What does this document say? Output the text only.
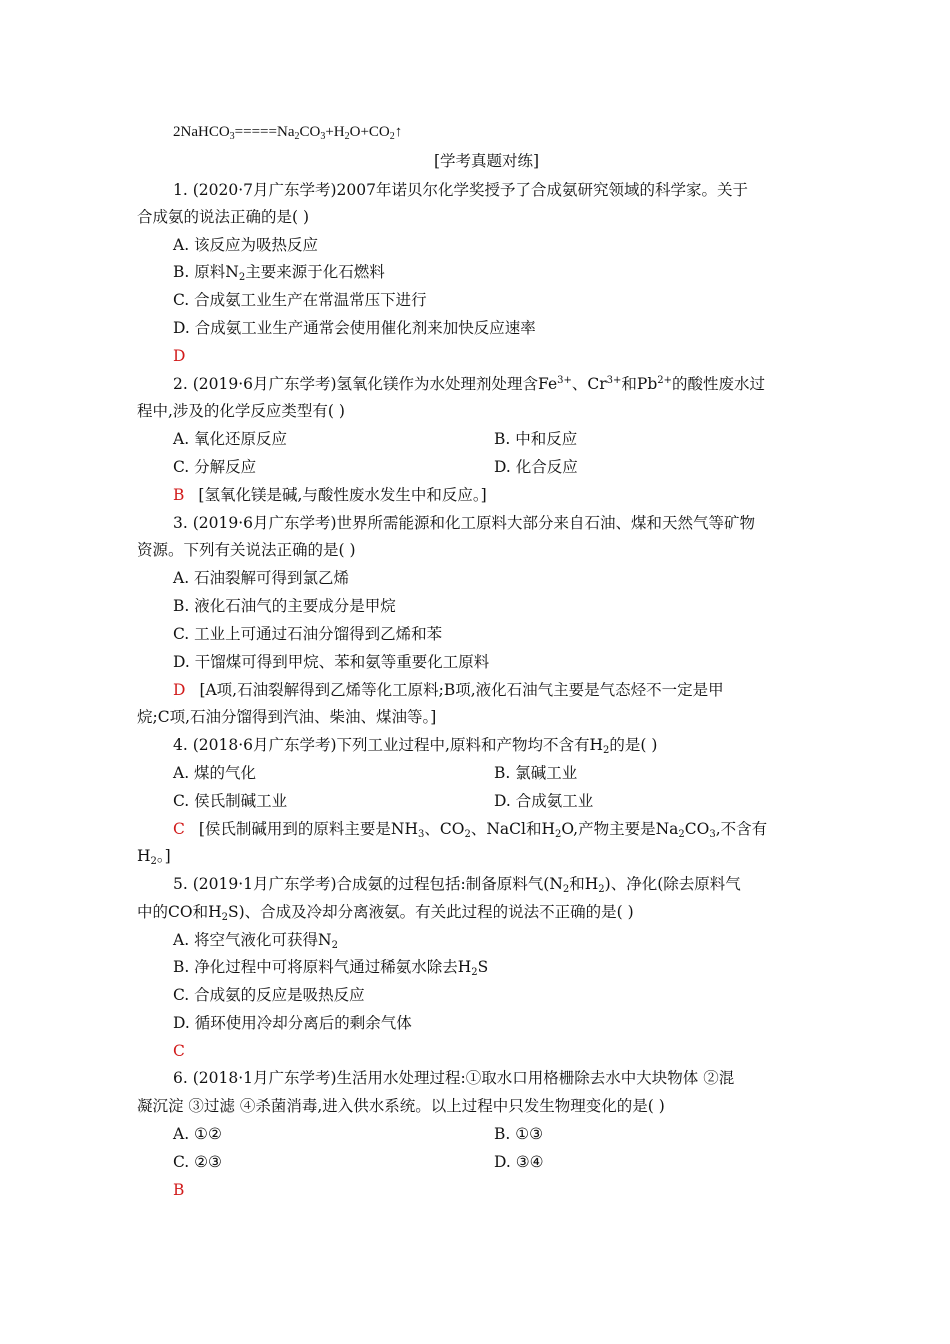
$2NaHCO_3=====Na_2CO_3+H_2O+CO_2↑$
[学考真题对练]
1. (2020·7月广东学考)2007年诺贝尔化学奖授予了合成氨研究领域的科学家。关于
合成氨的说法正确的是( )
A. 该反应为吸热反应
B. 原料$N_2$主要来源于化石燃料
C. 合成氨工业生产在常温常压下进行
D. 合成氨工业生产通常会使用催化剂来加快反应速率
D
2. (2019·6月广东学考)氢氧化镁作为水处理剂处理含$Fe^{3+}$、$Cr^{3+}$和$Pb^{2+}$的酸性废水过
程中,涉及的化学反应类型有( )
A. 氧化还原反应	B. 中和反应
C. 分解反应	D. 化合反应
B [氢氧化镁是碱,与酸性废水发生中和反应。]
3. (2019·6月广东学考)世界所需能源和化工原料大部分来自石油、煤和天然气等矿物
资源。下列有关说法正确的是( )
A. 石油裂解可得到氯乙烯
B. 液化石油气的主要成分是甲烷
C. 工业上可通过石油分馏得到乙烯和苯
D. 干馏煤可得到甲烷、苯和氨等重要化工原料
D [A项,石油裂解得到乙烯等化工原料;B项,液化石油气主要是气态烃不一定是甲
烷;C项,石油分馏得到汽油、柴油、煤油等。]
4. (2018·6月广东学考)下列工业过程中,原料和产物均不含有$H_2$的是( )
A. 煤的气化	B. 氯碱工业
C. 侯氏制碱工业	D. 合成氨工业
C [侯氏制碱用到的原料主要是$NH_3$、$CO_2$、NaCl和$H_2O$,产物主要是$Na_2CO_3$,不含有
$H_2$。]
5. (2019·1月广东学考)合成氨的过程包括:制备原料气($N_2$和$H_2$)、净化(除去原料气
中的CO和$H_2S$)、合成及冷却分离液氨。有关此过程的说法不正确的是( )
A. 将空气液化可获得$N_2$
B. 净化过程中可将原料气通过稀氨水除去$H_2S$
C. 合成氨的反应是吸热反应
D. 循环使用冷却分离后的剩余气体
C
6. (2018·1月广东学考)生活用水处理过程:①取水口用格栅除去水中大块物体 ②混
凝沉淀 ③过滤 ④杀菌消毒,进入供水系统。以上过程中只发生物理变化的是( )
A. ①②	B. ①③
C. ②③	D. ③④
B
